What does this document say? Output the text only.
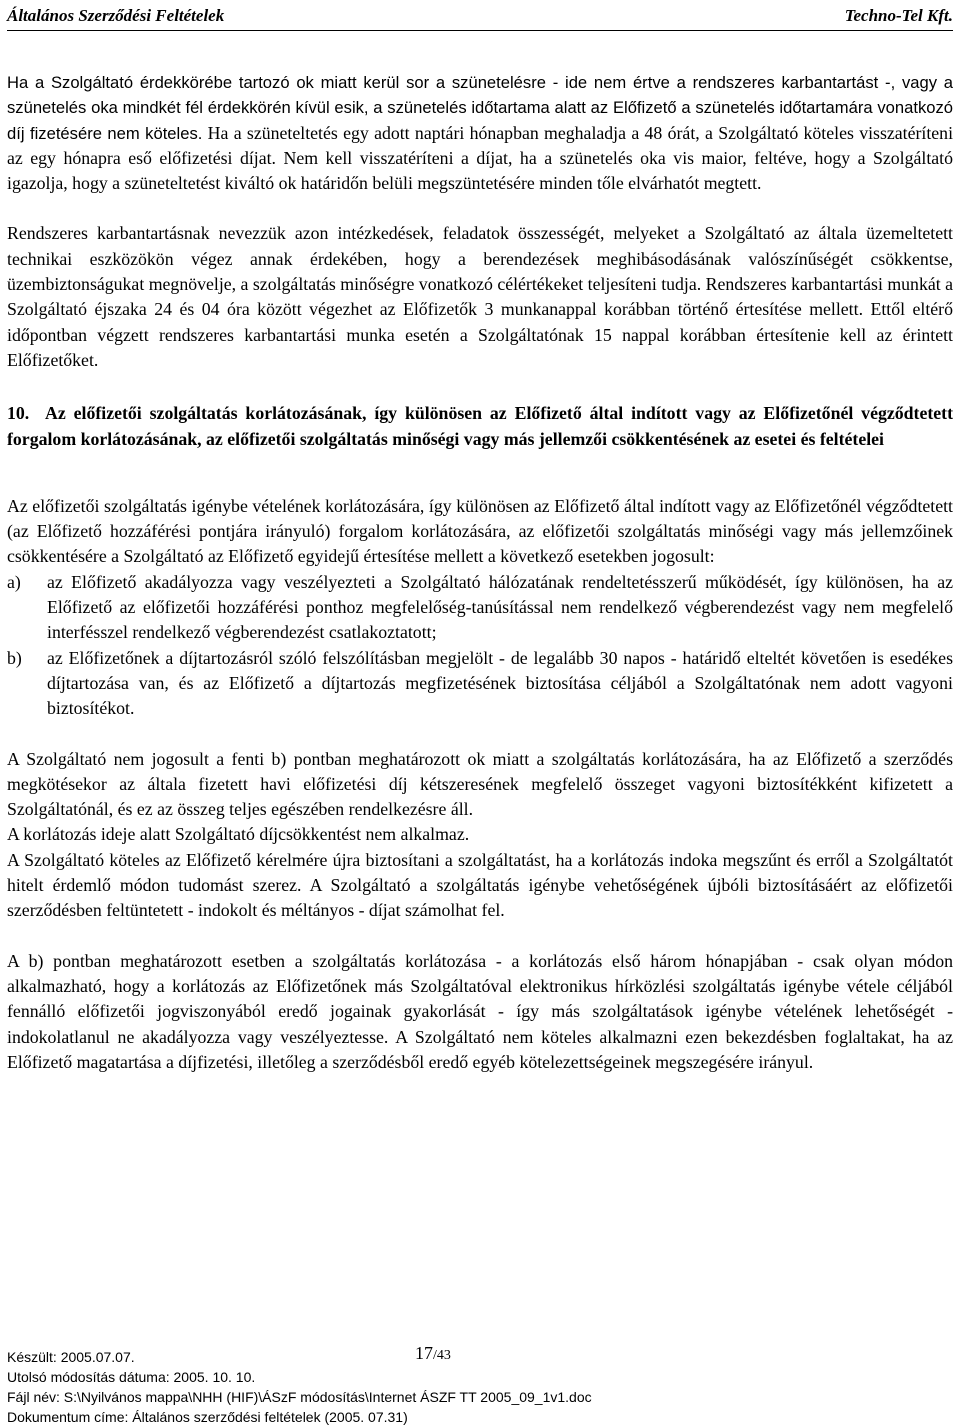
Általános Szerződési Feltételek	Techno-Tel Kft.

Ha a Szolgáltató érdekkörébe tartozó ok miatt kerül sor a szünetelésre - ide nem értve a rendszeres karbantartást -, vagy a szünetelés oka mindkét fél érdekkörén kívül esik, a szünetelés időtartama alatt az Előfizető a szünetelés időtartamára vonatkozó díj fizetésére nem köteles. Ha a szüneteltetés egy adott naptári hónapban meghaladja a 48 órát, a Szolgáltató köteles visszatéríteni az egy hónapra eső előfizetési díjat. Nem kell visszatéríteni a díjat, ha a szünetelés oka vis maior, feltéve, hogy a Szolgáltató igazolja, hogy a szüneteltetést kiváltó ok határidőn belüli megszüntetésére minden tőle elvárhatót megtett.

Rendszeres karbantartásnak nevezzük azon intézkedések, feladatok összességét, melyeket a Szolgáltató az általa üzemeltetett technikai eszközökön végez annak érdekében, hogy a berendezések meghibásodásának valószínűségét csökkentse, üzembiztonságukat megnövelje, a szolgáltatás minőségre vonatkozó célértékeket teljesíteni tudja. Rendszeres karbantartási munkát a Szolgáltató éjszaka 24 és 04 óra között végezhet az Előfizetők 3 munkanappal korábban történő értesítése mellett. Ettől eltérő időpontban végzett rendszeres karbantartási munka esetén a Szolgáltatónak 15 nappal korábban értesítenie kell az érintett Előfizetőket.

10. Az előfizetői szolgáltatás korlátozásának, így különösen az Előfizető által indított vagy az Előfizetőnél végződtetett forgalom korlátozásának, az előfizetői szolgáltatás minőségi vagy más jellemzői csökkentésének az esetei és feltételei

Az előfizetői szolgáltatás igénybe vételének korlátozására, így különösen az Előfizető által indított vagy az Előfizetőnél végződtetett (az Előfizető hozzáférési pontjára irányuló) forgalom korlátozására, az előfizetői szolgáltatás minőségi vagy más jellemzőinek csökkentésére a Szolgáltató az Előfizető egyidejű értesítése mellett a következő esetekben jogosult:

a)	az Előfizető akadályozza vagy veszélyezteti a Szolgáltató hálózatának rendeltetésszerű működését, így különösen, ha az Előfizető az előfizetői hozzáférési ponthoz megfelelőség-tanúsítással nem rendelkező végberendezést vagy nem megfelelő interfésszel rendelkező végberendezést csatlakoztatott;
b)	az Előfizetőnek a díjtartozásról szóló felszólításban megjelölt - de legalább 30 napos - határidő elteltét követően is esedékes díjtartozása van, és az Előfizető a díjtartozás megfizetésének biztosítása céljából a Szolgáltatónak nem adott vagyoni biztosítékot.

A Szolgáltató nem jogosult a fenti b) pontban meghatározott ok miatt a szolgáltatás korlátozására, ha az Előfizető a szerződés megkötésekor az általa fizetett havi előfizetési díj kétszeresének megfelelő összeget vagyoni biztosítékként kifizetett a Szolgáltatónál, és ez az összeg teljes egészében rendelkezésre áll.

A korlátozás ideje alatt Szolgáltató díjcsökkentést nem alkalmaz.

A Szolgáltató köteles az Előfizető kérelmére újra biztosítani a szolgáltatást, ha a korlátozás indoka megszűnt és erről a Szolgáltatót hitelt érdemlő módon tudomást szerez. A Szolgáltató a szolgáltatás igénybe vehetőségének újbóli biztosításáért az előfizetői szerződésben feltüntetett - indokolt és méltányos - díjat számolhat fel.

A b) pontban meghatározott esetben a szolgáltatás korlátozása - a korlátozás első három hónapjában - csak olyan módon alkalmazható, hogy a korlátozás az Előfizetőnek más Szolgáltatóval elektronikus hírközlési szolgáltatás igénybe vétele céljából fennálló előfizetői jogviszonyából eredő jogainak gyakorlását - így más szolgáltatások igénybe vételének lehetőségét - indokolatlanul ne akadályozza vagy veszélyeztesse. A Szolgáltató nem köteles alkalmazni ezen bekezdésben foglaltakat, ha az Előfizető magatartása a díjfizetési, illetőleg a szerződésből eredő egyéb kötelezettségeinek megszegésére irányul.

Készült: 2005.07.07.	17/43
Utolsó módosítás dátuma: 2005. 10. 10.
Fájl név: S:\Nyilvános mappa\NHH (HIF)\ÁSzF módosítás\Internet ÁSZF TT 2005_09_1v1.doc
Dokumentum címe: Általános szerződési feltételek (2005. 07.31)
